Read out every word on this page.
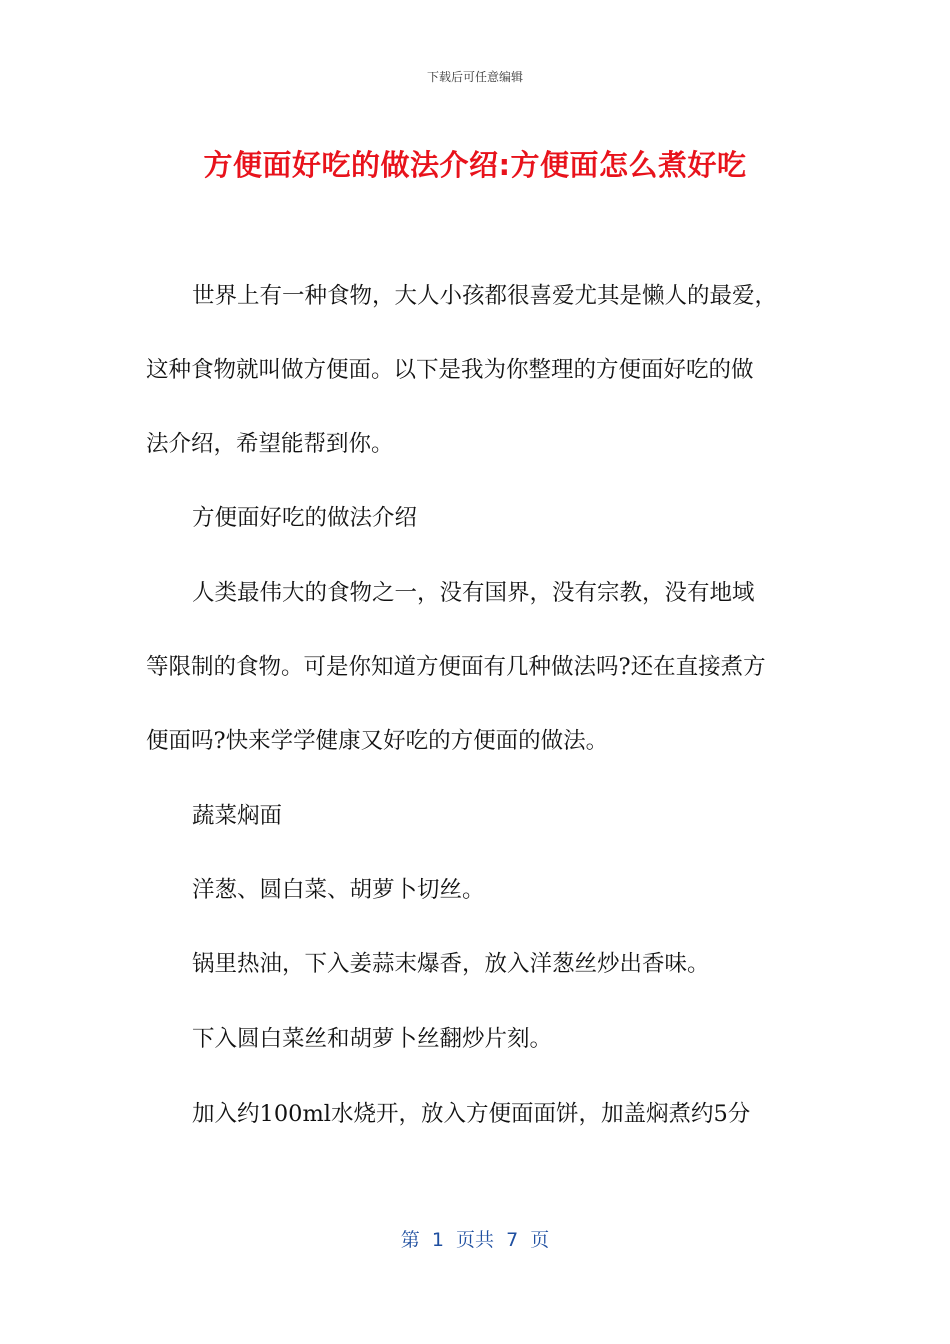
下载后可任意编辑
方便面好吃的做法介绍:方便面怎么煮好吃
世界上有一种食物，大人小孩都很喜爱尤其是懒人的最爱，
这种食物就叫做方便面。以下是我为你整理的方便面好吃的做
法介绍，希望能帮到你。
方便面好吃的做法介绍
人类最伟大的食物之一，没有国界，没有宗教，没有地域
等限制的食物。可是你知道方便面有几种做法吗?还在直接煮方
便面吗?快来学学健康又好吃的方便面的做法。
蔬菜焖面
洋葱、圆白菜、胡萝卜切丝。
锅里热油，下入姜蒜末爆香，放入洋葱丝炒出香味。
下入圆白菜丝和胡萝卜丝翻炒片刻。
加入约100ml水烧开，放入方便面面饼，加盖焖煮约5分
第  1  页共  7  页
